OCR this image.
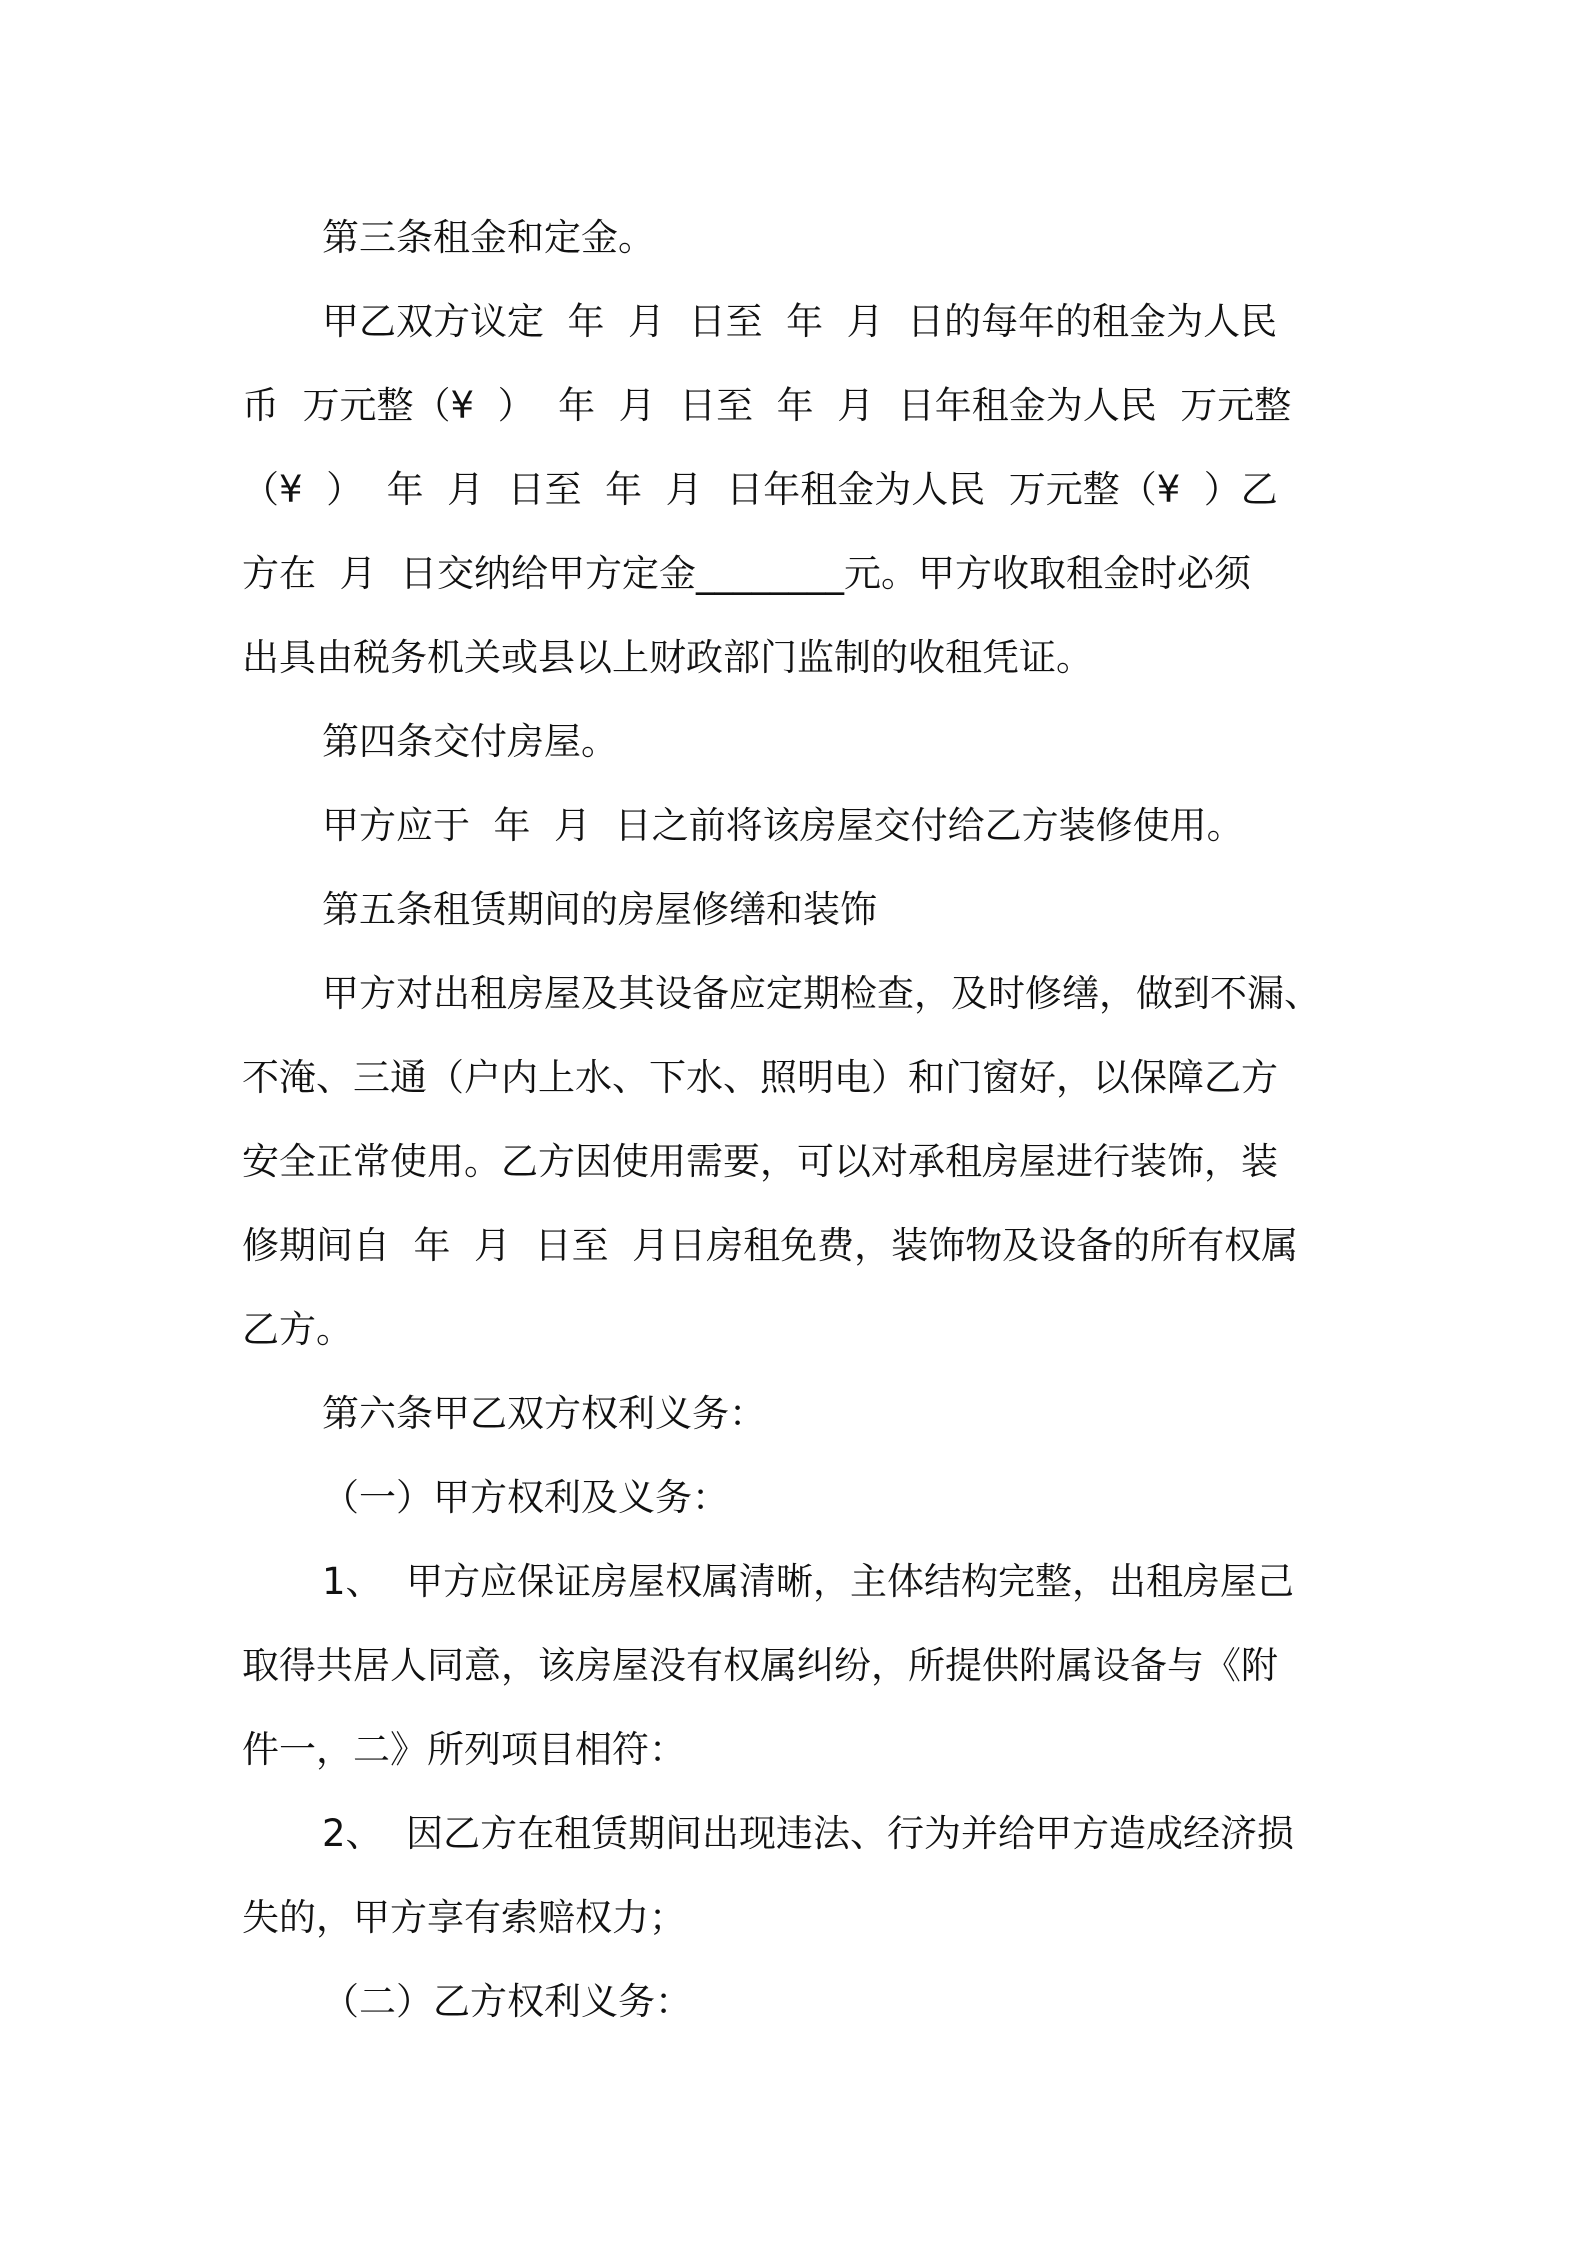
第三条租金和定金。
甲乙双方议定  年  月  日至  年  月  日的每年的租金为人民
币  万元整（¥  ）  年  月  日至  年  月  日年租金为人民  万元整
（¥  ）  年  月  日至  年  月  日年租金为人民  万元整（¥  ）乙
方在  月  日交纳给甲方定金________元。甲方收取租金时必须
出具由税务机关或县以上财政部门监制的收租凭证。
第四条交付房屋。
甲方应于  年  月  日之前将该房屋交付给乙方装修使用。
第五条租赁期间的房屋修缮和装饰
甲方对出租房屋及其设备应定期检查，及时修缮，做到不漏、
不淹、三通（户内上水、下水、照明电）和门窗好，以保障乙方
安全正常使用。乙方因使用需要，可以对承租房屋进行装饰，装
修期间自  年  月  日至  月日房租免费，装饰物及设备的所有权属
乙方。
第六条甲乙双方权利义务：
（一）甲方权利及义务：
1、  甲方应保证房屋权属清晰，主体结构完整，出租房屋己
取得共居人同意，该房屋没有权属纠纷，所提供附属设备与《附
件一，二》所列项目相符：
2、  因乙方在租赁期间出现违法、行为并给甲方造成经济损
失的，甲方享有索赔权力；
（二）乙方权利义务：
